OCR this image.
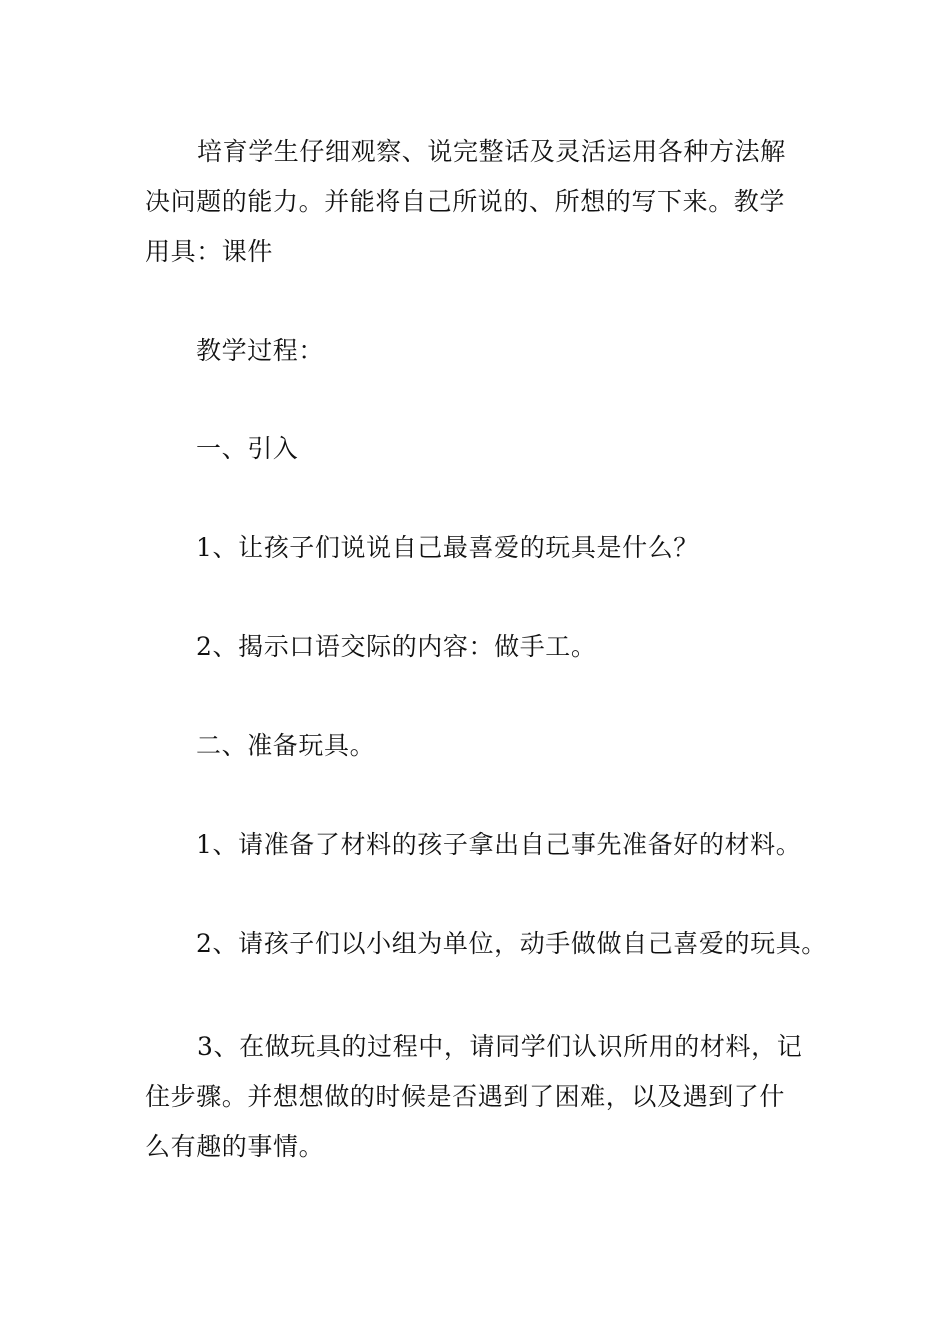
培育学生仔细观察、说完整话及灵活运用各种方法解决问题的能力。并能将自己所说的、所想的写下来。教学用具：课件

教学过程：

一、引入

1、让孩子们说说自己最喜爱的玩具是什么？

2、揭示口语交际的内容：做手工。

二、准备玩具。

1、请准备了材料的孩子拿出自己事先准备好的材料。

2、请孩子们以小组为单位，动手做做自己喜爱的玩具。

3、在做玩具的过程中，请同学们认识所用的材料，记住步骤。并想想做的时候是否遇到了困难，以及遇到了什么有趣的事情。
